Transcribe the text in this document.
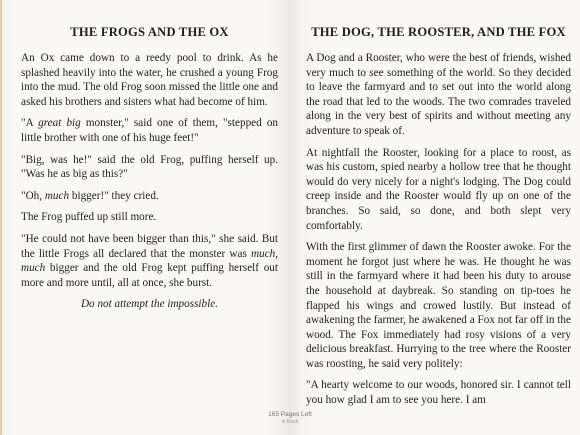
THE FROGS AND THE OX

An Ox came down to a reedy pool to drink. As he splashed heavily into the water, he crushed a young Frog into the mud. The old Frog soon missed the little one and asked his brothers and sisters what had become of him.

"A great big monster," said one of them, "stepped on little brother with one of his huge feet!"

"Big, was he!" said the old Frog, puffing herself up. "Was he as big as this?"

"Oh, much bigger!" they cried.

The Frog puffed up still more.

"He could not have been bigger than this," she said. But the little Frogs all declared that the monster was much, much bigger and the old Frog kept puffing herself out more and more until, all at once, she burst.

Do not attempt the impossible.

THE DOG, THE ROOSTER, AND THE FOX

A Dog and a Rooster, who were the best of friends, wished very much to see something of the world. So they decided to leave the farmyard and to set out into the world along the road that led to the woods. The two comrades traveled along in the very best of spirits and without meeting any adventure to speak of.

At nightfall the Rooster, looking for a place to roost, as was his custom, spied nearby a hollow tree that he thought would do very nicely for a night's lodging. The Dog could creep inside and the Rooster would fly up on one of the branches. So said, so done, and both slept very comfortably.

With the first glimmer of dawn the Rooster awoke. For the moment he forgot just where he was. He thought he was still in the farmyard where it had been his duty to arouse the household at daybreak. So standing on tip-toes he flapped his wings and crowed lustily. But instead of awakening the farmer, he awakened a Fox not far off in the wood. The Fox immediately had rosy visions of a very delicious breakfast. Hurrying to the tree where the Rooster was roosting, he said very politely:

"A hearty welcome to our woods, honored sir. I cannot tell you how glad I am to see you here. I am

165 Pages Left
in Book
